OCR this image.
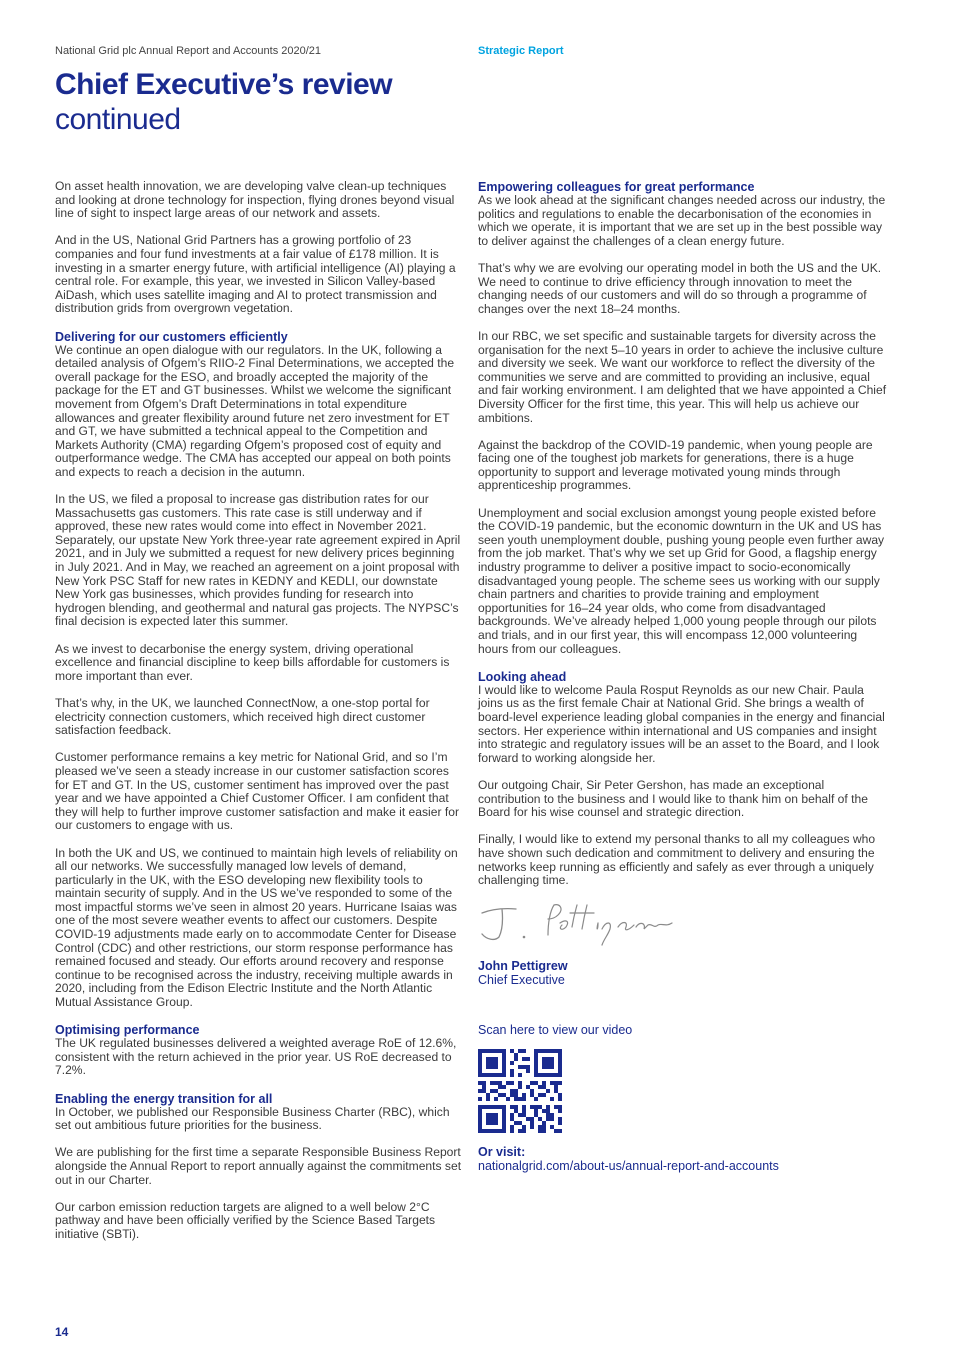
National Grid plc Annual Report and Accounts 2020/21	Strategic Report
Chief Executive’s review
continued

On asset health innovation, we are developing valve clean-up techniques and looking at drone technology for inspection, flying drones beyond visual line of sight to inspect large areas of our network and assets.

And in the US, National Grid Partners has a growing portfolio of 23 companies and four fund investments at a fair value of £178 million. It is investing in a smarter energy future, with artificial intelligence (AI) playing a central role. For example, this year, we invested in Silicon Valley-based AiDash, which uses satellite imaging and AI to protect transmission and distribution grids from overgrown vegetation.

Delivering for our customers efficiently

We continue an open dialogue with our regulators. In the UK, following a detailed analysis of Ofgem’s RIIO-2 Final Determinations, we accepted the overall package for the ESO, and broadly accepted the majority of the package for the ET and GT businesses. Whilst we welcome the significant movement from Ofgem’s Draft Determinations in total expenditure allowances and greater flexibility around future net zero investment for ET and GT, we have submitted a technical appeal to the Competition and Markets Authority (CMA) regarding Ofgem’s proposed cost of equity and outperformance wedge. The CMA has accepted our appeal on both points and expects to reach a decision in the autumn.

In the US, we filed a proposal to increase gas distribution rates for our Massachusetts gas customers. This rate case is still underway and if approved, these new rates would come into effect in November 2021. Separately, our upstate New York three-year rate agreement expired in April 2021, and in July we submitted a request for new delivery prices beginning in July 2021. And in May, we reached an agreement on a joint proposal with New York PSC Staff for new rates in KEDNY and KEDLI, our downstate New York gas businesses, which provides funding for research into hydrogen blending, and geothermal and natural gas projects. The NYPSC’s final decision is expected later this summer.

As we invest to decarbonise the energy system, driving operational excellence and financial discipline to keep bills affordable for customers is more important than ever.

That’s why, in the UK, we launched ConnectNow, a one-stop portal for electricity connection customers, which received high direct customer satisfaction feedback.

Customer performance remains a key metric for National Grid, and so I’m pleased we’ve seen a steady increase in our customer satisfaction scores for ET and GT. In the US, customer sentiment has improved over the past year and we have appointed a Chief Customer Officer. I am confident that they will help to further improve customer satisfaction and make it easier for our customers to engage with us.

In both the UK and US, we continued to maintain high levels of reliability on all our networks. We successfully managed low levels of demand, particularly in the UK, with the ESO developing new flexibility tools to maintain security of supply. And in the US we’ve responded to some of the most impactful storms we’ve seen in almost 20 years. Hurricane Isaias was one of the most severe weather events to affect our customers. Despite COVID-19 adjustments made early on to accommodate Center for Disease Control (CDC) and other restrictions, our storm response performance has remained focused and steady. Our efforts around recovery and response continue to be recognised across the industry, receiving multiple awards in 2020, including from the Edison Electric Institute and the North Atlantic Mutual Assistance Group.

Optimising performance

The UK regulated businesses delivered a weighted average RoE of 12.6%, consistent with the return achieved in the prior year. US RoE decreased to 7.2%.

Enabling the energy transition for all

In October, we published our Responsible Business Charter (RBC), which set out ambitious future priorities for the business.

We are publishing for the first time a separate Responsible Business Report alongside the Annual Report to report annually against the commitments set out in our Charter.

Our carbon emission reduction targets are aligned to a well below 2°C pathway and have been officially verified by the Science Based Targets initiative (SBTi).

Empowering colleagues for great performance

As we look ahead at the significant changes needed across our industry, the politics and regulations to enable the decarbonisation of the economies in which we operate, it is important that we are set up in the best possible way to deliver against the challenges of a clean energy future.

That’s why we are evolving our operating model in both the US and the UK. We need to continue to drive efficiency through innovation to meet the changing needs of our customers and will do so through a programme of changes over the next 18–24 months.

In our RBC, we set specific and sustainable targets for diversity across the organisation for the next 5–10 years in order to achieve the inclusive culture and diversity we seek. We want our workforce to reflect the diversity of the communities we serve and are committed to providing an inclusive, equal and fair working environment. I am delighted that we have appointed a Chief Diversity Officer for the first time, this year. This will help us achieve our ambitions.

Against the backdrop of the COVID-19 pandemic, when young people are facing one of the toughest job markets for generations, there is a huge opportunity to support and leverage motivated young minds through apprenticeship programmes.

Unemployment and social exclusion amongst young people existed before the COVID-19 pandemic, but the economic downturn in the UK and US has seen youth unemployment double, pushing young people even further away from the job market. That’s why we set up Grid for Good, a flagship energy industry programme to deliver a positive impact to socio-economically disadvantaged young people. The scheme sees us working with our supply chain partners and charities to provide training and employment opportunities for 16–24 year olds, who come from disadvantaged backgrounds. We’ve already helped 1,000 young people through our pilots and trials, and in our first year, this will encompass 12,000 volunteering hours from our colleagues.

Looking ahead

I would like to welcome Paula Rosput Reynolds as our new Chair. Paula joins us as the first female Chair at National Grid. She brings a wealth of board-level experience leading global companies in the energy and financial sectors. Her experience within international and US companies and insight into strategic and regulatory issues will be an asset to the Board, and I look forward to working alongside her.

Our outgoing Chair, Sir Peter Gershon, has made an exceptional contribution to the business and I would like to thank him on behalf of the Board for his wise counsel and strategic direction.

Finally, I would like to extend my personal thanks to all my colleagues who have shown such dedication and commitment to delivery and ensuring the networks keep running as efficiently and safely as ever through a uniquely challenging time.

John Pettigrew
Chief Executive
Scan here to view our video
Or visit:
nationalgrid.com/about-us/annual-report-and-accounts
14
